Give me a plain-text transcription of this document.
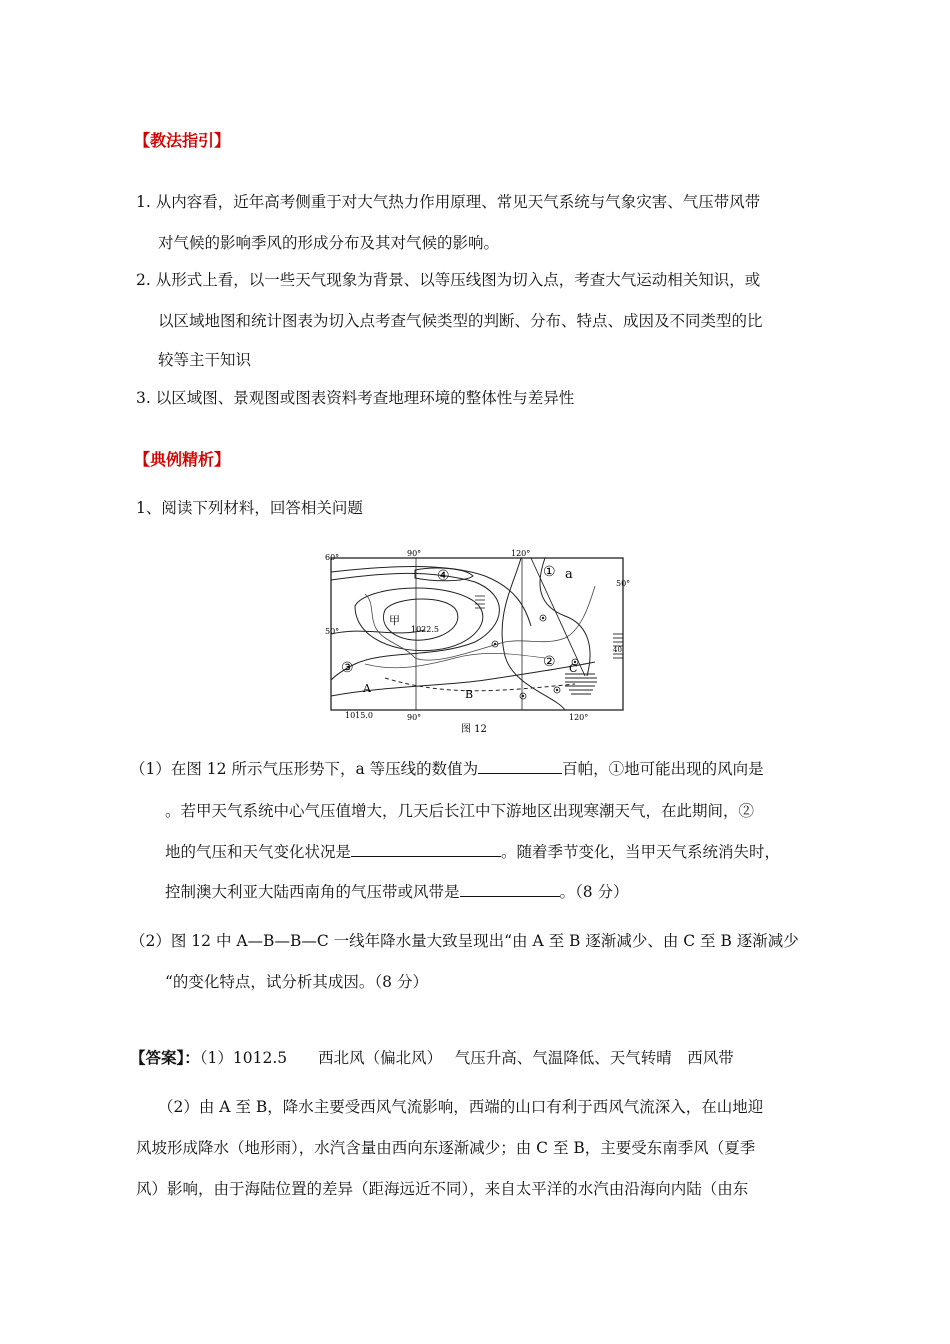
【教法指引】
1. 从内容看，近年高考侧重于对大气热力作用原理、常见天气系统与气象灾害、气压带风带
对气候的影响季风的形成分布及其对气候的影响。
2. 从形式上看，以一些天气现象为背景、以等压线图为切入点，考查大气运动相关知识，或
以区域地图和统计图表为切入点考查气候类型的判断、分布、特点、成因及不同类型的比
较等主干知识
3. 以区域图、景观图或图表资料考查地理环境的整体性与差异性
【典例精析】
1、阅读下列材料，回答相关问题
60°
50°
50°
90°	120°
90°	120°
甲
1022.5
1015.0
a
A	B
C
①
②
③
④
40
图 12
（1）在图 12 所示气压形势下，a 等压线的数值为	百帕，①地可能出现的风向是
。若甲天气系统中心气压值增大，几天后长江中下游地区出现寒潮天气，在此期间，②
地的气压和天气变化状况是	。随着季节变化，当甲天气系统消失时，
控制澳大利亚大陆西南角的气压带或风带是	。（8 分）
（2）图 12 中 A—B—B—C 一线年降水量大致呈现出“由 A 至 B 逐渐减少、由 C 至 B 逐渐减少
“的变化特点，试分析其成因。（8 分）
【答案】：（1）1012.5　　西北风（偏北风）　 气压升高、气温降低、天气转晴　西风带
（2）由 A 至 B，降水主要受西风气流影响，西端的山口有利于西风气流深入，在山地迎
风坡形成降水（地形雨），水汽含量由西向东逐渐减少；由 C 至 B，主要受东南季风（夏季
风）影响，由于海陆位置的差异（距海远近不同），来自太平洋的水汽由沿海向内陆（由东
